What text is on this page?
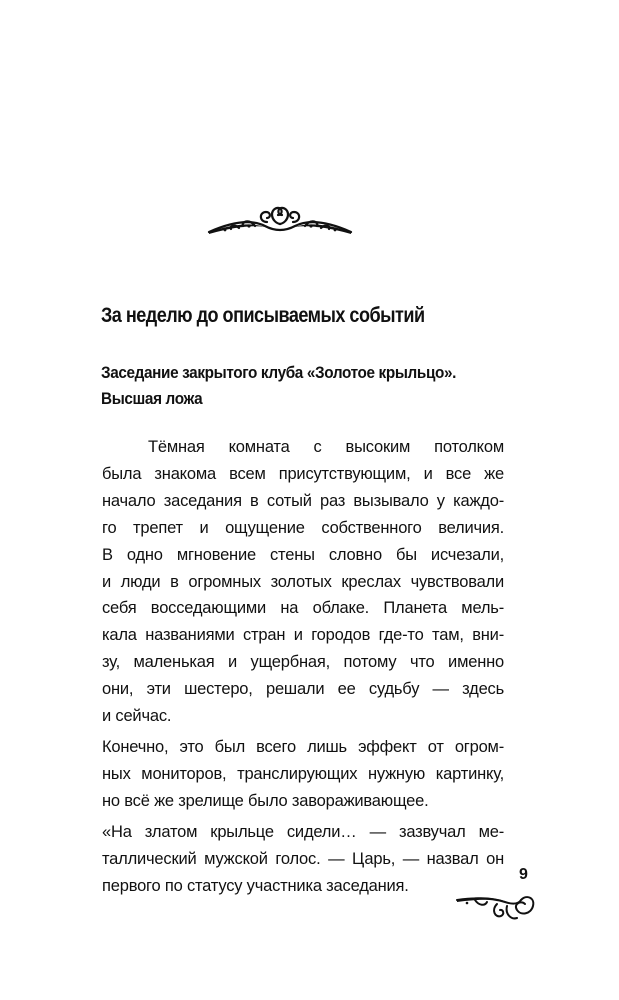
За неделю до описываемых событий
Заседание закрытого клуба «Золотое крыльцо».
Высшая ложа

Тёмная комната с высоким потолком
была знакома всем присутствующим, и все же
начало заседания в сотый раз вызывало у каждо-
го трепет и ощущение собственного величия.
В одно мгновение стены словно бы исчезали,
и люди в огромных золотых креслах чувствовали
себя восседающими на облаке. Планета мель-
кала названиями стран и городов где-то там, вни-
зу, маленькая и ущербная, потому что именно
они, эти шестеро, решали ее судьбу — здесь
и сейчас.

Конечно, это был всего лишь эффект от огром-
ных мониторов, транслирующих нужную картинку,
но всё же зрелище было завораживающее.

«На златом крыльце сидели… — зазвучал ме-
таллический мужской голос. — Царь, — назвал он
первого по статусу участника заседания.

9
